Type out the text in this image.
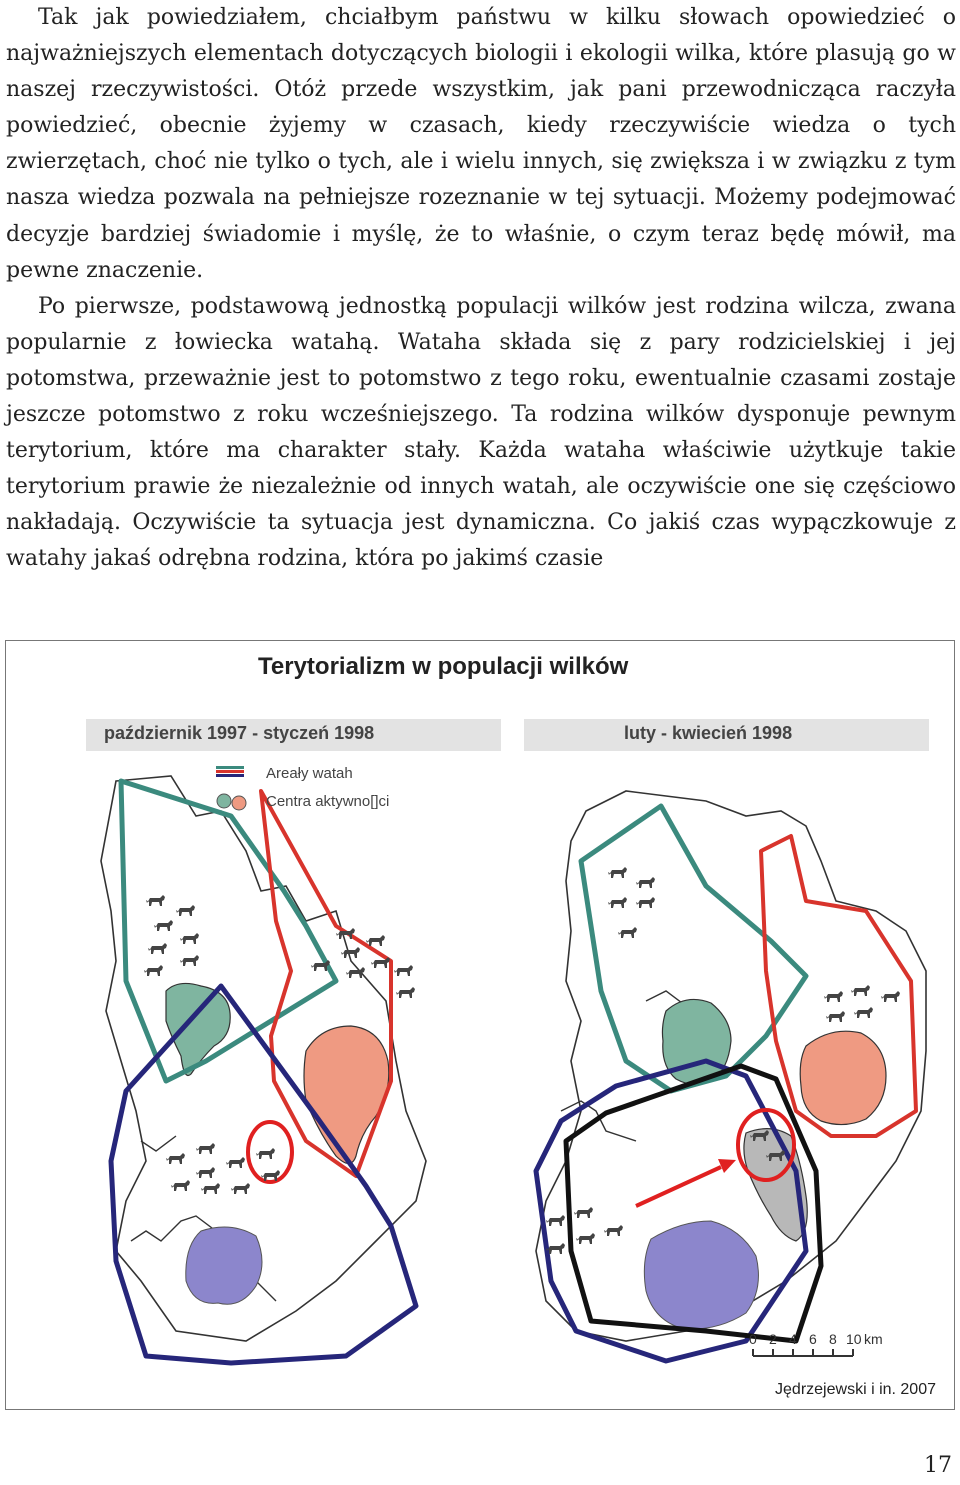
Tak jak powiedziałem, chciałbym państwu w kilku słowach opowiedzieć o najważniejszych elementach dotyczących biologii i ekologii wilka, które plasują go w naszej rzeczywistości. Otóż przede wszystkim, jak pani przewodnicząca raczyła powiedzieć, obecnie żyjemy w czasach, kiedy rzeczywiście wiedza o tych zwierzętach, choć nie tylko o tych, ale i wielu innych, się zwiększa i w związku z tym nasza wiedza pozwala na pełniejsze rozeznanie w tej sytuacji. Możemy podejmować decyzje bardziej świadomie i myślę, że to właśnie, o czym teraz będę mówił, ma pewne znaczenie.

Po pierwsze, podstawową jednostką populacji wilków jest rodzina wilcza, zwana popularnie z łowiecka watahą. Wataha składa się z pary rodzicielskiej i jej potomstwa, przeważnie jest to potomstwo z tego roku, ewentualnie czasami zostaje jeszcze potomstwo z roku wcześniejszego. Ta rodzina wilków dysponuje pewnym terytorium, które ma charakter stały. Każda wataha właściwie użytkuje takie terytorium prawie że niezależnie od innych watah, ale oczywiście one się częściowo nakładają. Oczywiście ta sytuacja jest dynamiczna. Co jakiś czas wypączkowuje z watahy jakaś odrębna rodzina, która po jakimś czasie

Terytorializm w populacji wilków
październik 1997 - styczeń 1998	luty - kwiecień 1998
Areały watah
Centra aktywno[]ci
0 2 4 6 8 10 km
Jędrzejewski i in. 2007
17
